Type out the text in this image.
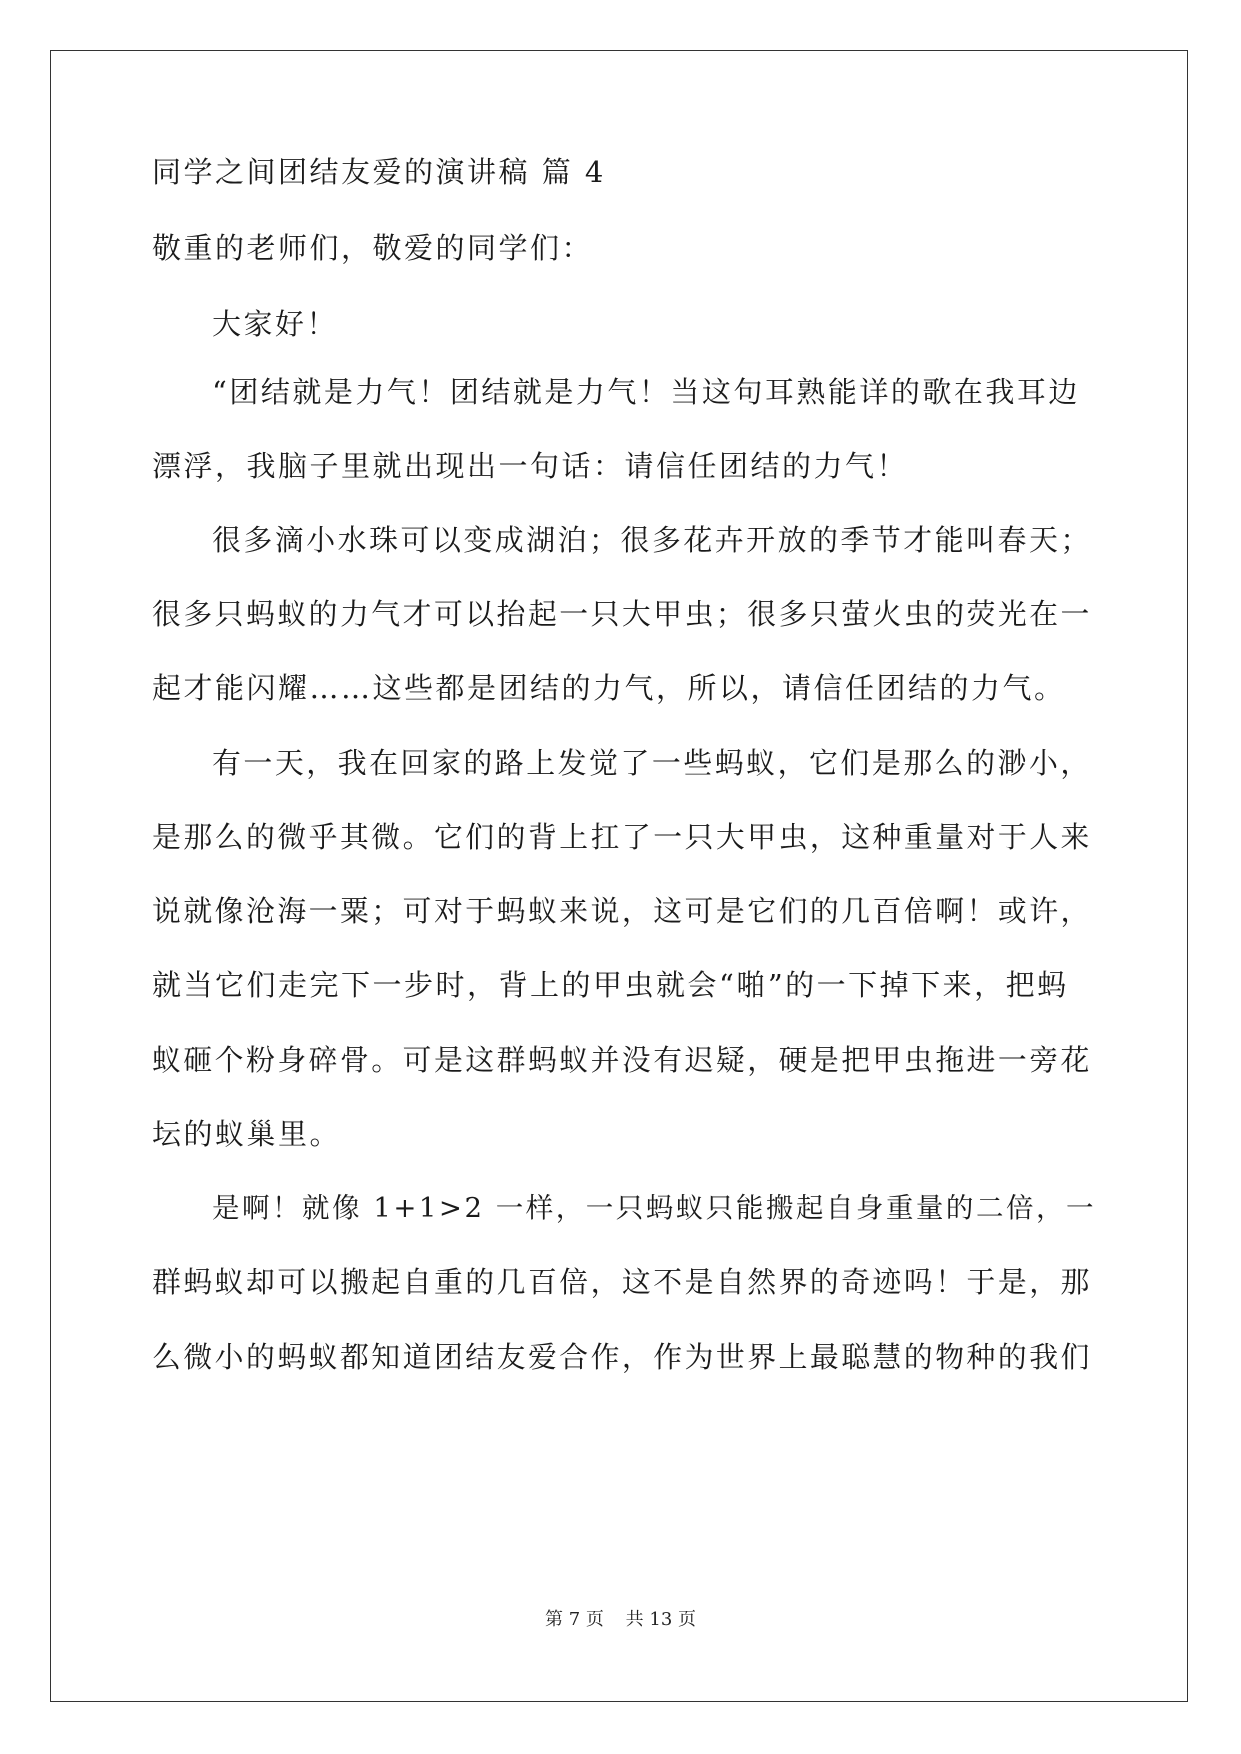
同学之间团结友爱的演讲稿 篇 4
敬重的老师们，敬爱的同学们：
大家好！
“团结就是力气！团结就是力气！当这句耳熟能详的歌在我耳边
漂浮，我脑子里就出现出一句话：请信任团结的力气！
很多滴小水珠可以变成湖泊；很多花卉开放的季节才能叫春天；
很多只蚂蚁的力气才可以抬起一只大甲虫；很多只萤火虫的荧光在一
起才能闪耀……这些都是团结的力气，所以，请信任团结的力气。
有一天，我在回家的路上发觉了一些蚂蚁，它们是那么的渺小，
是那么的微乎其微。它们的背上扛了一只大甲虫，这种重量对于人来
说就像沧海一粟；可对于蚂蚁来说，这可是它们的几百倍啊！或许，
就当它们走完下一步时，背上的甲虫就会“啪”的一下掉下来，把蚂
蚁砸个粉身碎骨。可是这群蚂蚁并没有迟疑，硬是把甲虫拖进一旁花
坛的蚁巢里。
是啊！就像 1+1>2 一样，一只蚂蚁只能搬起自身重量的二倍，一
群蚂蚁却可以搬起自重的几百倍，这不是自然界的奇迹吗！于是，那
么微小的蚂蚁都知道团结友爱合作，作为世界上最聪慧的物种的我们
第 7 页 共 13 页
